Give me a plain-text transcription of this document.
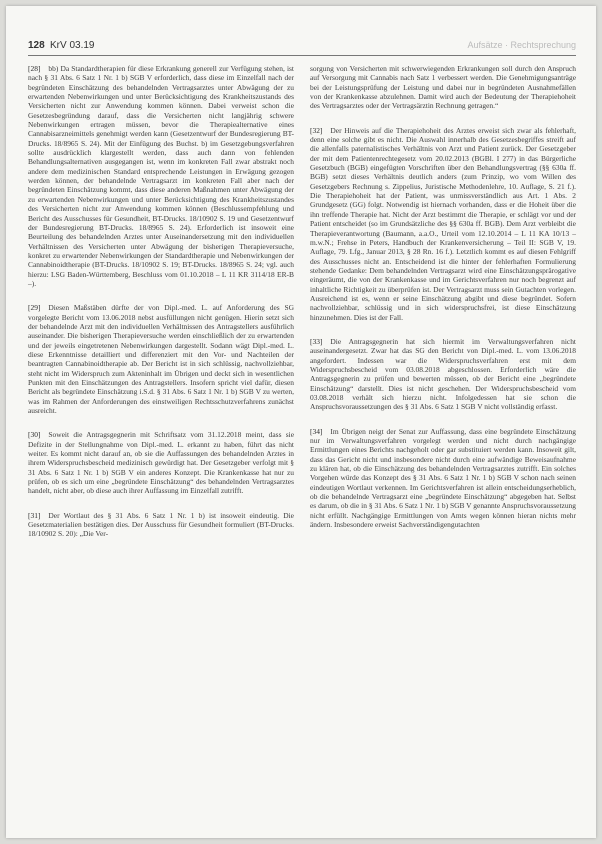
128 KrV 03.19	Aufsätze · Rechtsprechung

[28] bb) Da Standardtherapien für diese Erkrankung generell zur Verfügung stehen, ist nach § 31 Abs. 6 Satz 1 Nr. 1 b) SGB V erforderlich, dass diese im Einzelfall nach der begründeten Einschätzung des behandelnden Vertragsarztes unter Abwägung der zu erwartenden Nebenwirkungen und unter Berücksichtigung des Krankheitszustands des Versicherten nicht zur Anwendung kommen können. Dabei verweist schon die Gesetzesbegründung darauf, dass die Versicherten nicht langjährig schwere Nebenwirkungen ertragen müssen, bevor die Therapiealternative eines Cannabisarzneimittels genehmigt werden kann (Gesetzentwurf der Bundesregierung BT-Drucks. 18/8965 S. 24). Mit der Einfügung des Buchst. b) im Gesetzgebungsverfahren sollte ausdrücklich klargestellt werden, dass auch dann von fehlenden Behandlungsalternativen ausgegangen ist, wenn im konkreten Fall zwar abstrakt noch andere dem medizinischen Standard entsprechende Leistungen in Erwägung gezogen werden können, der behandelnde Vertragsarzt im konkreten Fall aber nach der begründeten Einschätzung kommt, dass diese anderen Maßnahmen unter Abwägung der zu erwartenden Nebenwirkungen und unter Berücksichtigung des Krankheitszustandes des Versicherten nicht zur Anwendung kommen können (Beschlussempfehlung und Bericht des Ausschusses für Gesundheit, BT-Drucks. 18/10902 S. 19 und Gesetzentwurf der Bundesregierung BT-Drucks. 18/8965 S. 24). Erforderlich ist insoweit eine Beurteilung des behandelnden Arztes unter Auseinandersetzung mit den individuellen Verhältnissen des Versicherten unter Abwägung der bisherigen Therapieversuche, konkret zu erwartender Nebenwirkungen der Standardtherapie und Nebenwirkungen der Cannabinoidtherapie (BT-Drucks. 18/10902 S. 19; BT-Drucks. 18/8965 S. 24; vgl. auch hierzu: LSG Baden-Württemberg, Beschluss vom 01.10.2018 – L 11 KR 3114/18 ER-B –).

[29] Diesen Maßstäben dürfte der von Dipl.-med. L. auf Anforderung des SG vorgelegte Bericht vom 13.06.2018 nebst ausfüllungen nicht genügen. Hierin setzt sich der behandelnde Arzt mit den individuellen Verhältnissen des Antragstellers ausführlich auseinander. Die bisherigen Therapieversuche werden einschließlich der zu erwartenden und der jeweils eingetretenen Nebenwirkungen dargestellt. Sodann wägt Dipl.-med. L. diese Erkenntnisse detailliert und differenziert mit den Vor- und Nachteilen der beantragten Cannabinoidtherapie ab. Der Bericht ist in sich schlüssig, nachvollziehbar, steht nicht im Widerspruch zum Akteninhalt im Übrigen und deckt sich in wesentlichen Punkten mit den Einschätzungen des Antragstellers. Insofern spricht viel dafür, diesen Bericht als begründete Einschätzung i.S.d. § 31 Abs. 6 Satz 1 Nr. 1 b) SGB V zu werten, was im Rahmen der Anforderungen des einstweiligen Rechtsschutzverfahrens zunächst ausreicht.

[30] Soweit die Antragsgegnerin mit Schriftsatz vom 31.12.2018 meint, dass sie Defizite in der Stellungnahme von Dipl.-med. L. erkannt zu haben, führt das nicht weiter. Es kommt nicht darauf an, ob sie die Auffassungen des behandelnden Arztes in ihrem Widerspruchsbescheid medizinisch gewürdigt hat. Der Gesetzgeber verfolgt mit § 31 Abs. 6 Satz 1 Nr. 1 b) SGB V ein anderes Konzept. Die Krankenkasse hat nur zu prüfen, ob es sich um eine „begründete Einschätzung“ des behandelnden Vertragsarztes handelt, nicht aber, ob diese auch ihrer Auffassung im Einzelfall zutrifft.

[31] Der Wortlaut des § 31 Abs. 6 Satz 1 Nr. 1 b) ist insoweit eindeutig. Die Gesetzmaterialien bestätigen dies. Der Ausschuss für Gesundheit formuliert (BT-Drucks. 18/10902 S. 20): „Die Ver-

sorgung von Versicherten mit schwerwiegenden Erkrankungen soll durch den Anspruch auf Versorgung mit Cannabis nach Satz 1 verbessert werden. Die Genehmigungsanträge bei der Leistungsprüfung der Leistung und dabei nur in begründeten Ausnahmefällen von der Krankenkasse abzulehnen. Damit wird auch der Bedeutung der Therapiehoheit des Vertragsarztes oder der Vertragsärztin Rechnung getragen.“

[32] Der Hinweis auf die Therapiehoheit des Arztes erweist sich zwar als fehlerhaft, denn eine solche gibt es nicht. Die Auswahl innerhalb des Gesetzesbegriffes streift auf die allenfalls paternalistisches Verhältnis von Arzt und Patient zurück. Der Gesetzgeber der mit dem Patientenrechtegesetz vom 20.02.2013 (BGBl. I 277) in das Bürgerliche Gesetzbuch (BGB) eingefügten Vorschriften über den Behandlungsvertrag (§§ 630a ff. BGB) setzt dieses Verhältnis deutlich anders (zum Prinzip, wo vom Willen des Gesetzgebers Rechnung s. Zippelius, Juristische Methodenlehre, 10. Auflage, S. 21 f.). Die Therapiehoheit hat der Patient, was unmissverständlich aus Art. 1 Abs. 2 Grundgesetz (GG) folgt. Notwendig ist hiernach vorhanden, dass er die Hoheit über die ihn treffende Therapie hat. Nicht der Arzt bestimmt die Therapie, er schlägt vor und der Patient entscheidet (so im Grundsätzliche des §§ 630a ff. BGB). Dem Arzt verbleibt die Therapieverantwortung (Baumann, a.a.O., Urteil vom 12.10.2014 – L 11 KA 10/13 – m.w.N.; Frehse in Peters, Handbuch der Krankenversicherung – Teil II: SGB V, 19. Auflage, 79. Lfg., Januar 2013, § 28 Rn. 16 f.). Letztlich kommt es auf diesen Fehlgriff des Ausschusses nicht an. Entscheidend ist die hinter der fehlerhaften Formulierung stehende Gedanke: Dem behandelnden Vertragsarzt wird eine Einschätzungsprärogative eingeräumt, die von der Krankenkasse und im Gerichtsverfahren nur noch begrenzt auf inhaltliche Richtigkeit zu überprüfen ist. Der Vertragsarzt muss sein Gutachten vorlegen. Ausreichend ist es, wenn er seine Einschätzung abgibt und diese begründet. Sofern nachvollziehbar, schlüssig und in sich widerspruchsfrei, ist diese Einschätzung hinzunehmen. Dies ist der Fall.

[33] Die Antragsgegnerin hat sich hiermit im Verwaltungsverfahren nicht auseinandergesetzt. Zwar hat das SG den Bericht von Dipl.-med. L. vom 13.06.2018 angefordert. Indessen war die Widerspruchsverfahren erst mit dem Widerspruchsbescheid vom 03.08.2018 abgeschlossen. Erforderlich wäre die Antragsgegnerin zu prüfen und bewerten müssen, ob der Bericht eine „begründete Einschätzung“ darstellt. Dies ist nicht geschehen. Der Widerspruchsbescheid vom 03.08.2018 verhält sich hierzu nicht. Infolgedessen hat sie schon die Anspruchsvoraussetzungen des § 31 Abs. 6 Satz 1 SGB V nicht vollständig erfasst.

[34] Im Übrigen neigt der Senat zur Auffassung, dass eine begründete Einschätzung nur im Verwaltungsverfahren vorgelegt werden und nicht durch nachgängige Ermittlungen eines Berichts nachgeholt oder gar substituiert werden kann. Insoweit gilt, dass das Gericht nicht und insbesondere nicht durch eine aufwändige Beweisaufnahme zu klären hat, ob die Einschätzung des behandelnden Vertragsarztes zutrifft. Ein solches Vorgehen würde das Konzept des § 31 Abs. 6 Satz 1 Nr. 1 b) SGB V schon nach seinen eindeutigen Wortlaut verkennen. Im Gerichtsverfahren ist allein entscheidungserheblich, ob die behandelnde Vertragsarzt eine „begründete Einschätzung“ abgegeben hat. Selbst es darum, ob die in § 31 Abs. 6 Satz 1 Nr. 1 b) SGB V genannte Anspruchsvoraussetzung nicht erfüllt. Nachgängige Ermittlungen von Amts wegen können hieran nichts mehr ändern. Insbesondere erweist Sachverständigengutachten
